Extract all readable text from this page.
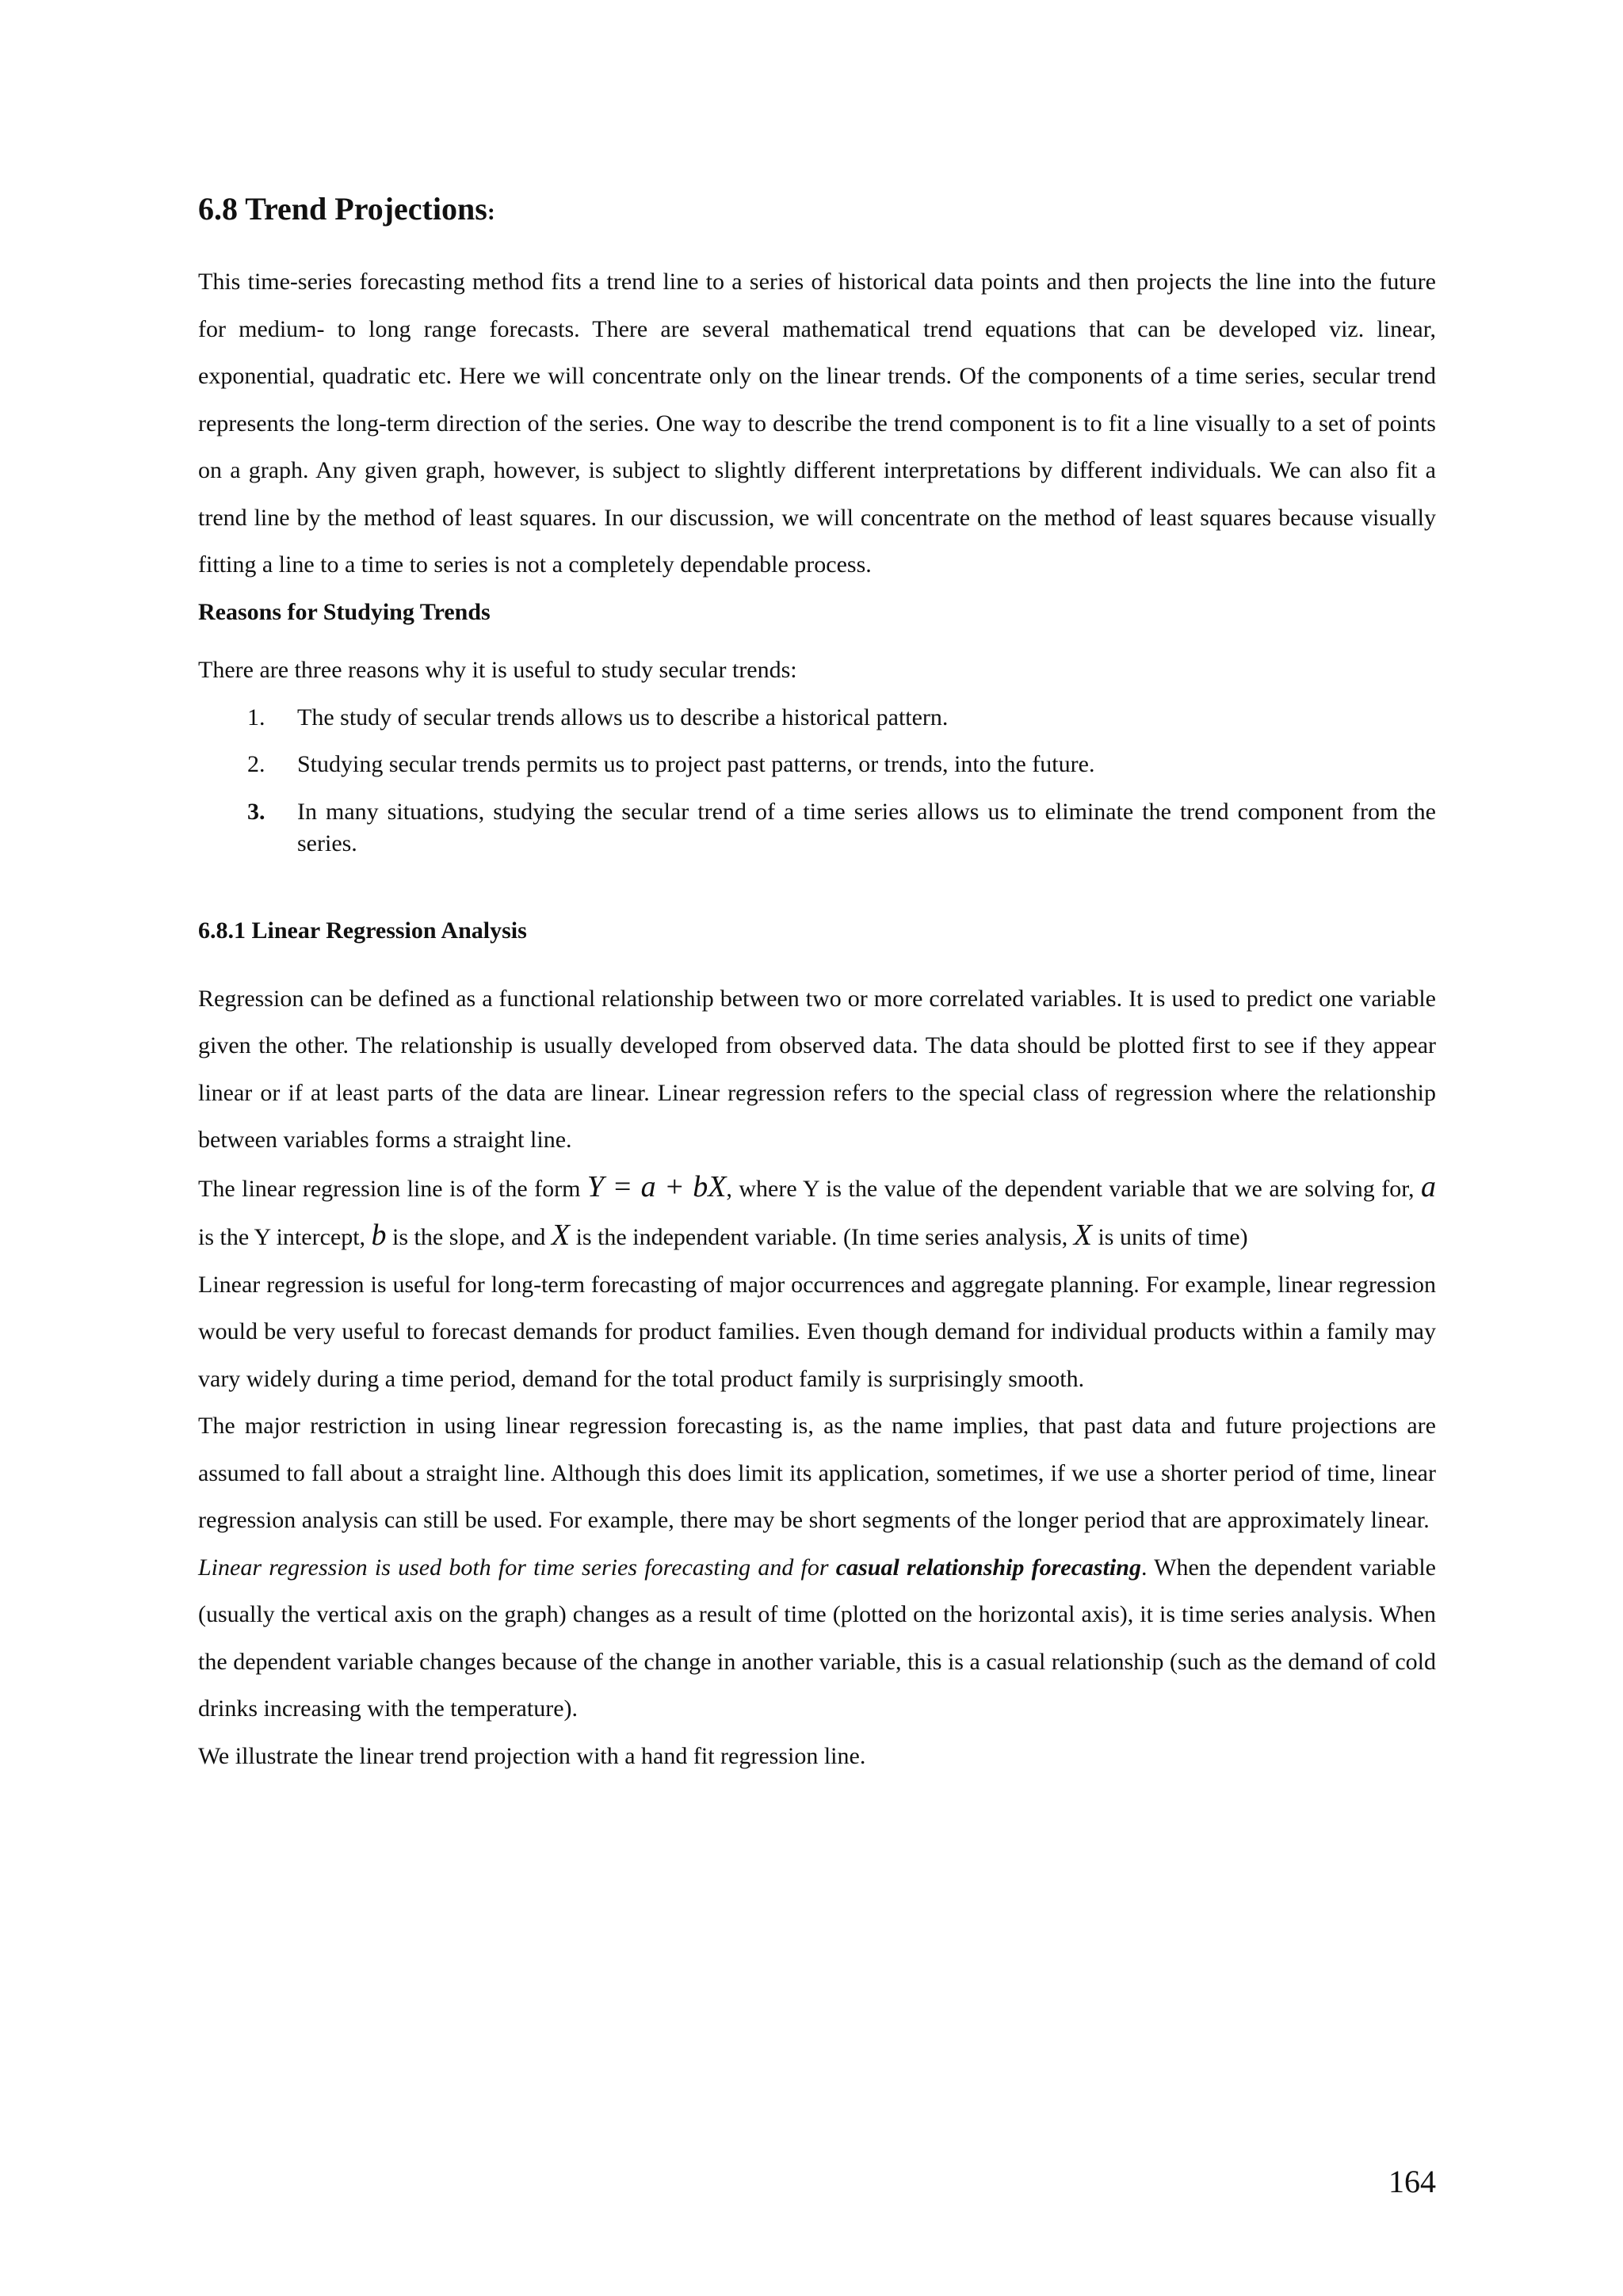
6.8 Trend Projections:

This time-series forecasting method fits a trend line to a series of historical data points and then projects the line into the future for medium- to long range forecasts. There are several mathematical trend equations that can be developed viz. linear, exponential, quadratic etc. Here we will concentrate only on the linear trends. Of the components of a time series, secular trend represents the long-term direction of the series. One way to describe the trend component is to fit a line visually to a set of points on a graph. Any given graph, however, is subject to slightly different interpretations by different individuals. We can also fit a trend line by the method of least squares. In our discussion, we will concentrate on the method of least squares because visually fitting a line to a time to series is not a completely dependable process.

Reasons for Studying Trends

There are three reasons why it is useful to study secular trends:

1. The study of secular trends allows us to describe a historical pattern.
2. Studying secular trends permits us to project past patterns, or trends, into the future.
3. In many situations, studying the secular trend of a time series allows us to eliminate the trend component from the series.
6.8.1 Linear Regression Analysis

Regression can be defined as a functional relationship between two or more correlated variables. It is used to predict one variable given the other. The relationship is usually developed from observed data. The data should be plotted first to see if they appear linear or if at least parts of the data are linear. Linear regression refers to the special class of regression where the relationship between variables forms a straight line.

The linear regression line is of the form Y = a + bX, where Y is the value of the dependent variable that we are solving for, a is the Y intercept, b is the slope, and X is the independent variable. (In time series analysis, X is units of time)

Linear regression is useful for long-term forecasting of major occurrences and aggregate planning. For example, linear regression would be very useful to forecast demands for product families. Even though demand for individual products within a family may vary widely during a time period, demand for the total product family is surprisingly smooth.

The major restriction in using linear regression forecasting is, as the name implies, that past data and future projections are assumed to fall about a straight line. Although this does limit its application, sometimes, if we use a shorter period of time, linear regression analysis can still be used. For example, there may be short segments of the longer period that are approximately linear.

Linear regression is used both for time series forecasting and for casual relationship forecasting. When the dependent variable (usually the vertical axis on the graph) changes as a result of time (plotted on the horizontal axis), it is time series analysis. When the dependent variable changes because of the change in another variable, this is a casual relationship (such as the demand of cold drinks increasing with the temperature).

We illustrate the linear trend projection with a hand fit regression line.

164
